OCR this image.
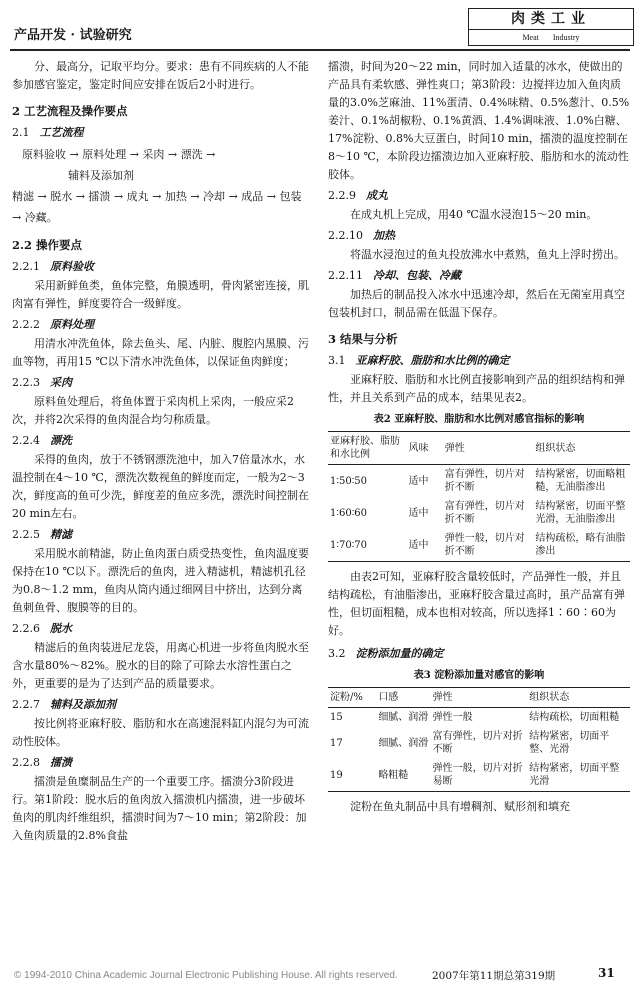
产品开发 · 试验研究
肉类工业
Meat Industry

分、最高分，记取平均分。要求：患有不同疾病的人不能参加感官鉴定，鉴定时间应安排在饭后2小时进行。

2 工艺流程及操作要点

2.1 工艺流程

原料验收 → 原料处理 → 采肉 → 漂洗 →
辅料及添加剂
精滤 → 脱水 → 擂溃 → 成丸 → 加热 → 冷却 → 成品 → 包装 → 冷藏。

2.2 操作要点

2.2.1 原料验收

采用新鲜鱼类，鱼体完整，角膜透明，骨肉紧密连接，肌肉富有弹性，鲜度要符合一级鲜度。

2.2.2 原料处理

用清水冲洗鱼体，除去鱼头、尾、内脏、腹腔内黑膜、污血等物，再用15 ℃以下清水冲洗鱼体，以保证鱼肉鲜度；

2.2.3 采肉

原料鱼处理后，将鱼体置于采肉机上采肉，一般应采2次，并将2次采得的鱼肉混合均匀称质量。

2.2.4 漂洗

采得的鱼肉，放于不锈钢漂洗池中，加入7倍量冰水，水温控制在4～10 ℃，漂洗次数视鱼的鲜度而定，一般为2～3次，鲜度高的鱼可少洗，鲜度差的鱼应多洗，漂洗时间控制在20 min左右。

2.2.5 精滤

采用脱水前精滤，防止鱼肉蛋白质受热变性，鱼肉温度要保持在10 ℃以下。漂洗后的鱼肉，进入精滤机，精滤机孔径为0.8～1.2 mm，鱼肉从筒内通过细网目中挤出，达到分离鱼刺鱼骨、腹膜等的目的。

2.2.6 脱水

精滤后的鱼肉装进尼龙袋，用离心机进一步将鱼肉脱水至含水量80%～82%。脱水的目的除了可除去水溶性蛋白之外，更重要的是为了达到产品的质量要求。

2.2.7 辅料及添加剂

按比例将亚麻籽胶、脂肪和水在高速混料缸内混匀为可流动性胶体。

2.2.8 擂溃

擂溃是鱼糜制品生产的一个重要工序。擂溃分3阶段进行。第1阶段：脱水后的鱼肉放入擂溃机内擂溃，进一步破坏鱼肉的肌肉纤维组织，擂溃时间为7～10 min；第2阶段：加入鱼肉质量的2.8%食盐

擂溃，时间为20～22 min，同时加入适量的冰水，使做出的产品具有柔软感、弹性爽口；第3阶段：边搅拌边加入鱼肉质量的3.0%芝麻油、11%蛋清、0.4%味精、0.5%葱汁、0.5%姜汁、0.1%胡椒粉、0.1%黄酒、1.4%调味液、1.0%白糖、17%淀粉、0.8%大豆蛋白，时间10 min，擂溃的温度控制在8～10 ℃，本阶段边擂溃边加入亚麻籽胶、脂肪和水的流动性胶体。

2.2.9 成丸

在成丸机上完成，用40 ℃温水浸泡15～20 min。

2.2.10 加热

将温水浸泡过的鱼丸投放沸水中煮熟，鱼丸上浮时捞出。

2.2.11 冷却、包装、冷藏

加热后的制品投入冰水中迅速冷却，然后在无菌室用真空包装机封口，制品需在低温下保存。

3 结果与分析

3.1 亚麻籽胶、脂肪和水比例的确定

亚麻籽胶、脂肪和水比例直接影响到产品的组织结构和弹性，并且关系到产品的成本，结果见表2。

表2 亚麻籽胶、脂肪和水比例对感官指标的影响
亚麻籽胶、脂肪和水比例	风味	弹性	组织状态
1∶50∶50	适中	富有弹性，切片对折不断	结构紧密，切面略粗糙，无油脂渗出
1∶60∶60	适中	富有弹性，切片对折不断	结构紧密，切面平整光滑，无油脂渗出
1∶70∶70	适中	弹性一般，切片对折不断	结构疏松，略有油脂渗出

由表2可知，亚麻籽胶含量较低时，产品弹性一般，并且结构疏松，有油脂渗出，亚麻籽胶含量过高时，虽产品富有弹性，但切面粗糙，成本也相对较高，所以选择1∶60∶60为好。

3.2 淀粉添加量的确定

表3 淀粉添加量对感官的影响
淀粉/%	口感	弹性	组织状态
15	细腻、润滑	弹性一般	结构疏松，切面粗糙
17	细腻、润滑	富有弹性，切片对折不断	结构紧密，切面平整、光滑
19	略粗糙	弹性一般，切片对折易断	结构紧密，切面平整光滑

淀粉在鱼丸制品中具有增稠剂、赋形剂和填充

© 1994-2010 China Academic Journal Electronic Publishing House. All rights reserved.	2007年第11期总第319期	31
